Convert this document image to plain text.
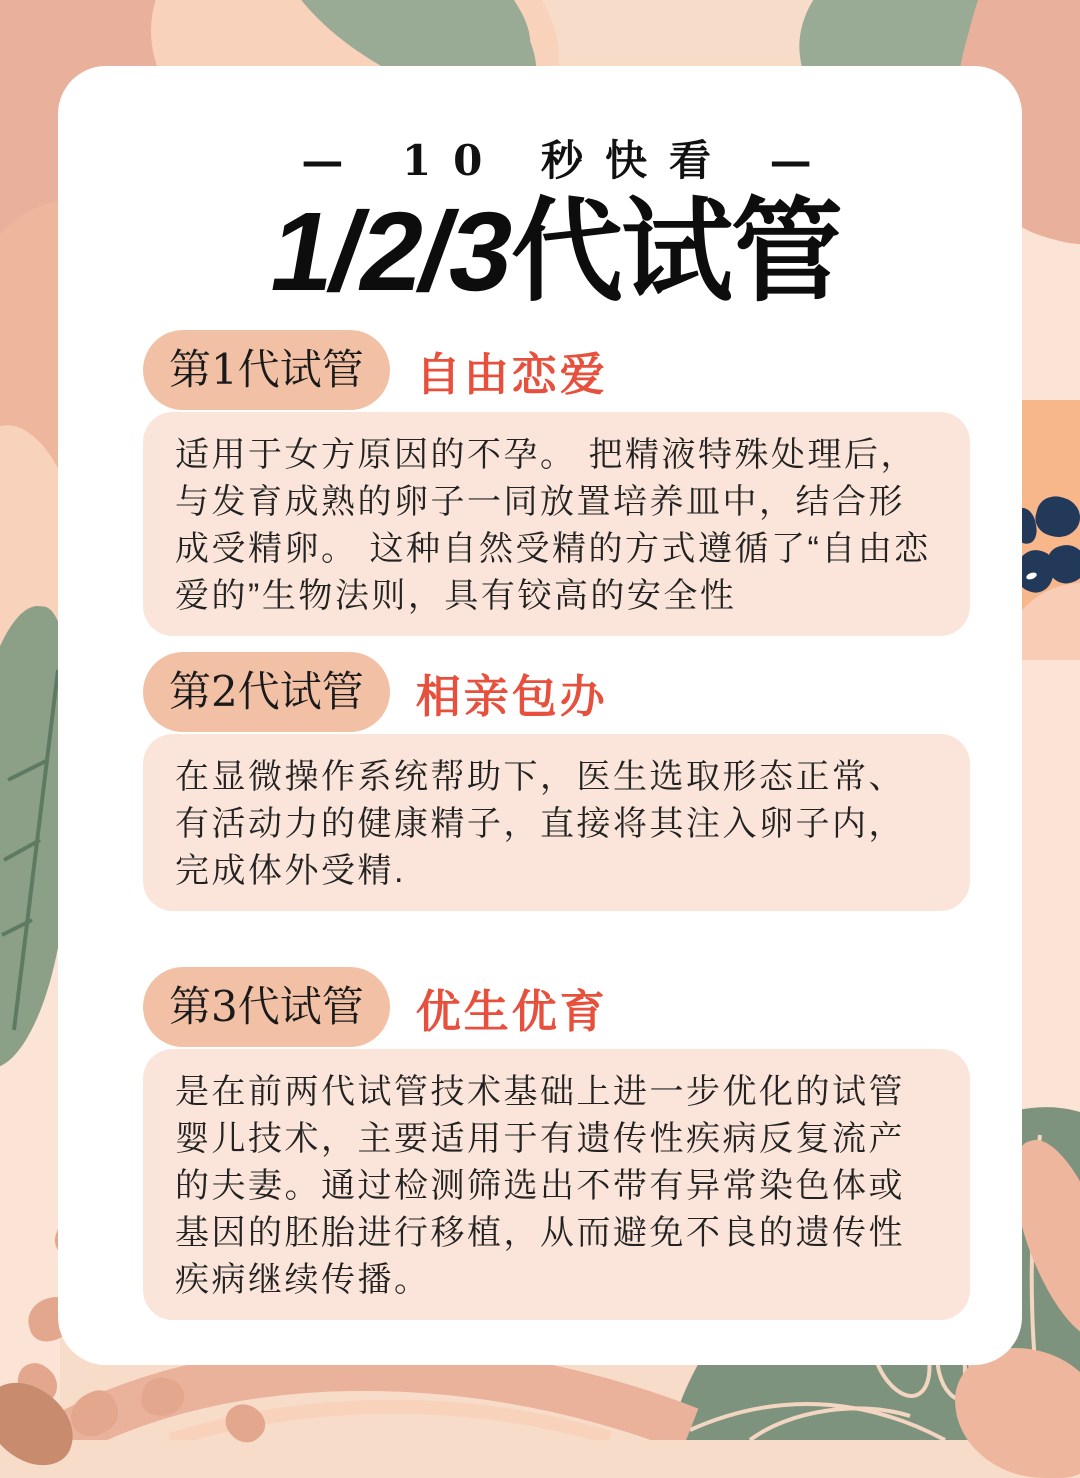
— 10 秒快看 —
1/2/3代试管
第1代试管	自由恋爱
适用于女方原因的不孕。 把精液特殊处理后，与发育成熟的卵子一同放置培养皿中，结合形成受精卵。 这种自然受精的方式遵循了“自由恋爱的”生物法则，具有铰高的安全性
第2代试管	相亲包办
在显微操作系统帮助下，医生选取形态正常、有活动力的健康精子，直接将其注入卵子内，完成体外受精.
第3代试管	优生优育
是在前两代试管技术基础上进一步优化的试管婴儿技术，主要适用于有遗传性疾病反复流产的夫妻。通过检测筛选出不带有异常染色体或基因的胚胎进行移植，从而避免不良的遗传性疾病继续传播。
